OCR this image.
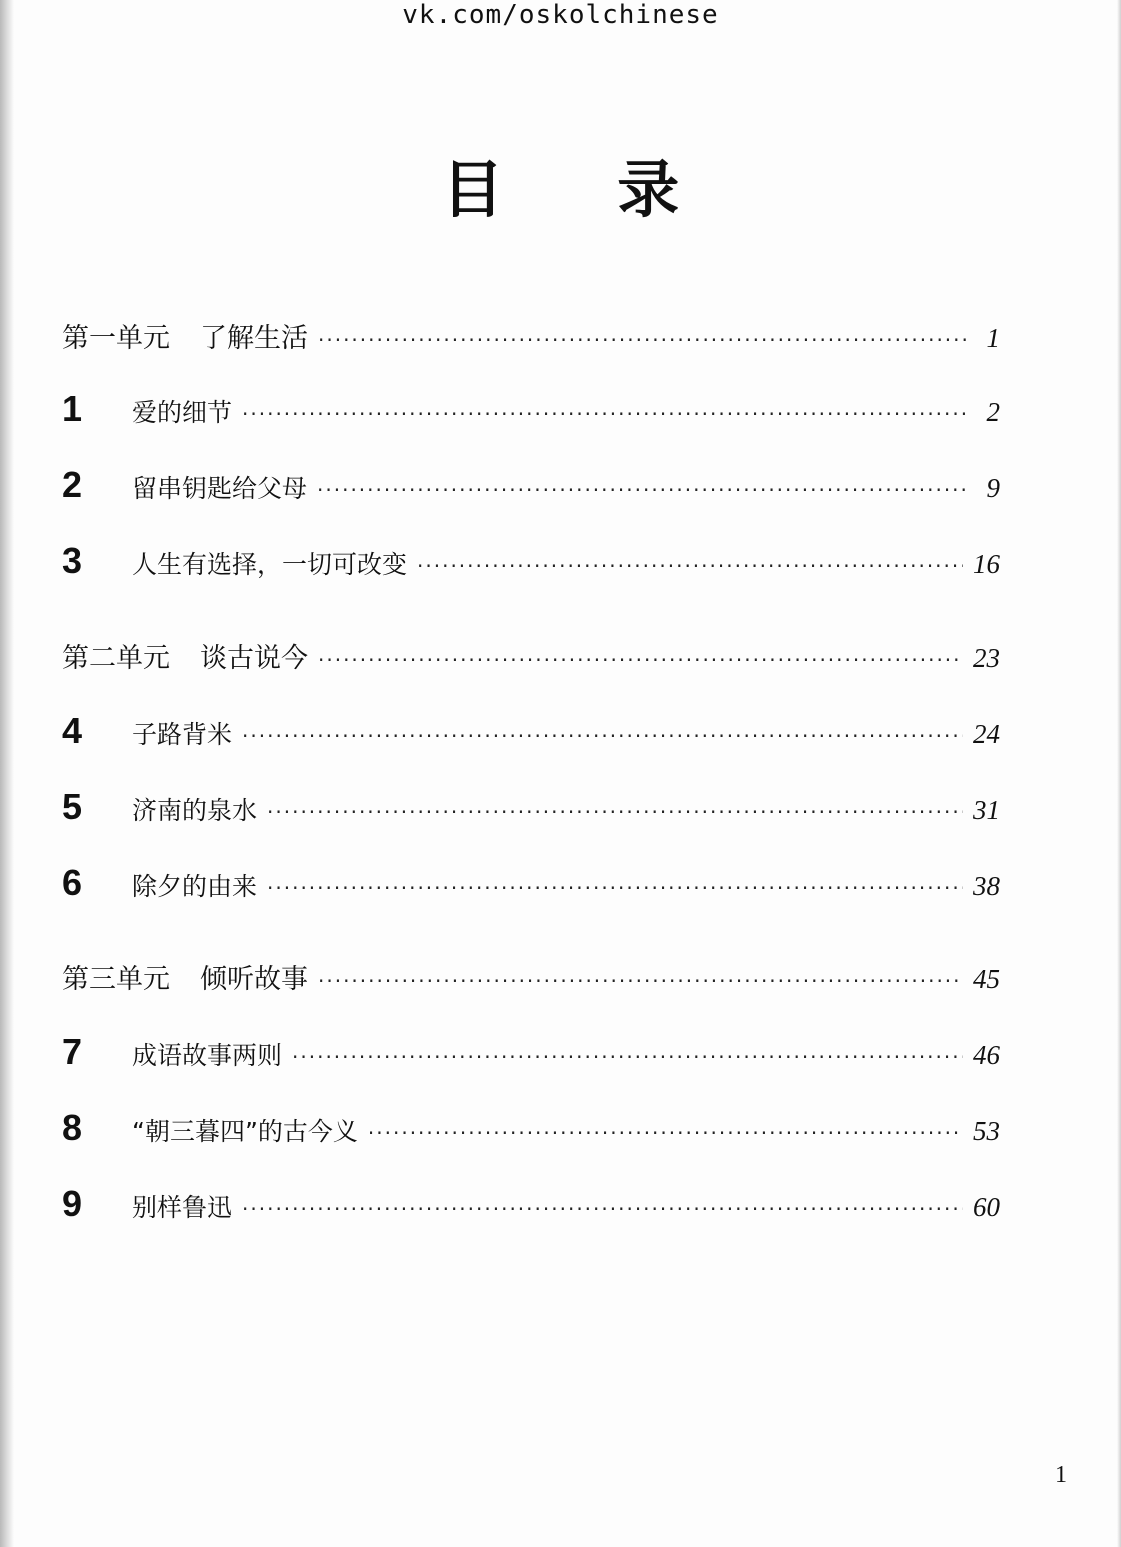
vk.com/oskolchinese
目 录
第一单元 了解生活 ·····	1
1	爱的细节 ·····	2
2	留串钥匙给父母 ·····	9
3	人生有选择，一切可改变 ·····	16
第二单元 谈古说今 ·····	23
4	子路背米 ·····	24
5	济南的泉水 ·····	31
6	除夕的由来 ·····	38
第三单元 倾听故事 ·····	45
7	成语故事两则 ·····	46
8	“朝三暮四”的古今义 ·····	53
9	别样鲁迅 ·····	60
1
